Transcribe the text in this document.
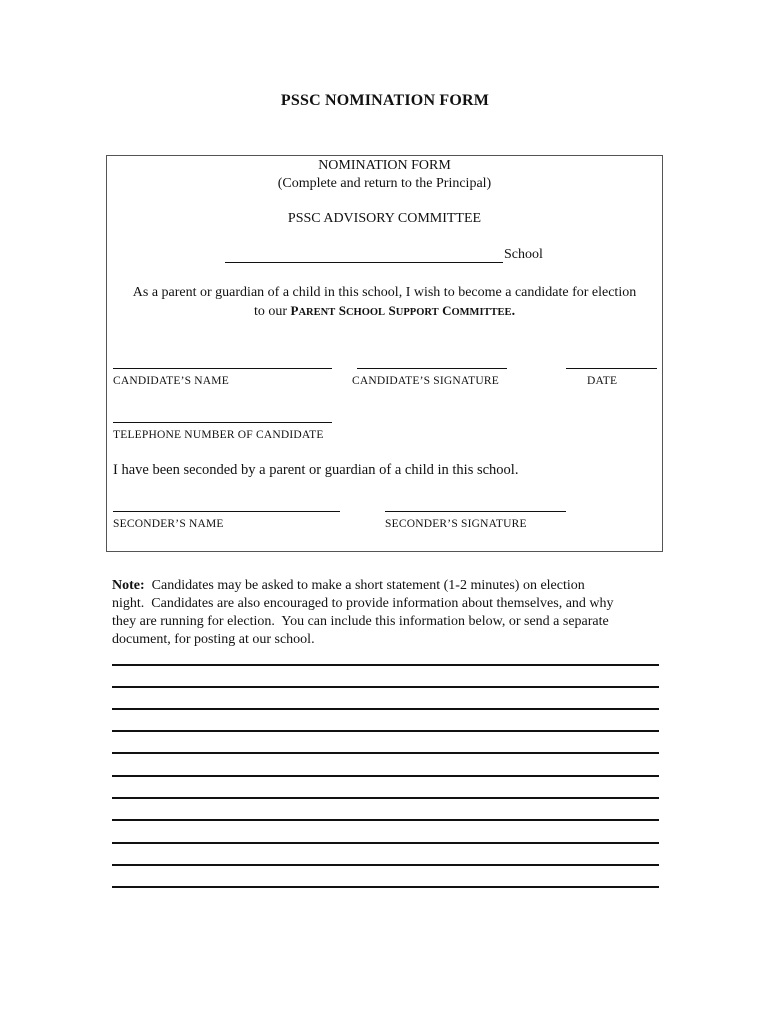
PSSC NOMINATION FORM
NOMINATION FORM
(Complete and return to the Principal)
PSSC ADVISORY COMMITTEE
School
As a parent or guardian of a child in this school, I wish to become a candidate for election
to our PARENT SCHOOL SUPPORT COMMITTEE.
CANDIDATE’S NAME	CANDIDATE’S SIGNATURE	DATE
TELEPHONE NUMBER OF CANDIDATE
I have been seconded by a parent or guardian of a child in this school.
SECONDER’S NAME	SECONDER’S SIGNATURE
Note:  Candidates may be asked to make a short statement (1-2 minutes) on election
night.  Candidates are also encouraged to provide information about themselves, and why
they are running for election.  You can include this information below, or send a separate
document, for posting at our school.
